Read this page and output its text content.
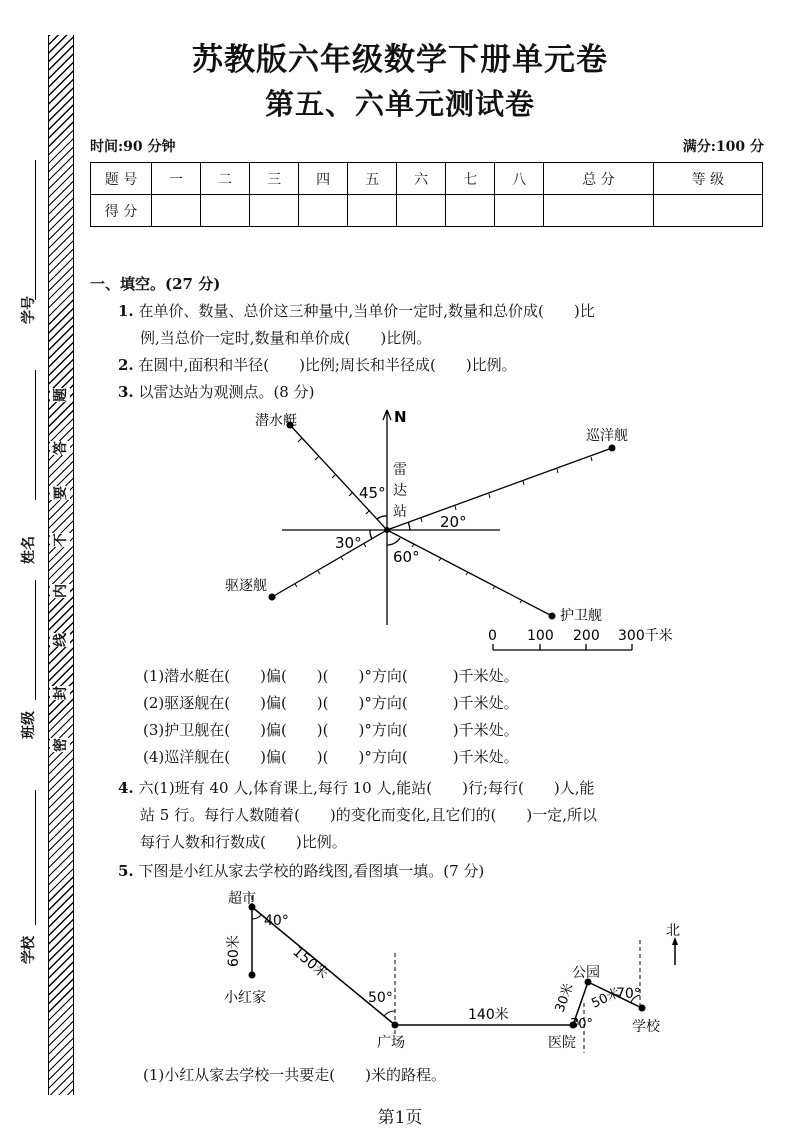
学号
姓名
班级
学校
题
答
要
不
内
线
封
密
苏教版六年级数学下册单元卷
第五、六单元测试卷
时间:90 分钟	满分:100 分
题 号	一	二	三	四	五	六	七	八	总 分	等 级
得 分										
一、填空。(27 分)
1. 在单价、数量、总价这三种量中,当单价一定时,数量和总价成(　　)比
例,当总价一定时,数量和单价成(　　)比例。
2. 在圆中,面积和半径(　　)比例;周长和半径成(　　)比例。
3. 以雷达站为观测点。(8 分)
N
雷
达
站
潜水艇
巡洋舰
驱逐舰
护卫舰
45°
20°
30°
60°
0 100 200 300千米
(1)潜水艇在(　　)偏(　　)(　　)°方向(　　　)千米处。
(2)驱逐舰在(　　)偏(　　)(　　)°方向(　　　)千米处。
(3)护卫舰在(　　)偏(　　)(　　)°方向(　　　)千米处。
(4)巡洋舰在(　　)偏(　　)(　　)°方向(　　　)千米处。
4. 六(1)班有 40 人,体育课上,每行 10 人,能站(　　)行;每行(　　)人,能
站 5 行。每行人数随着(　　)的变化而变化,且它们的(　　)一定,所以
每行人数和行数成(　　)比例。
5. 下图是小红从家去学校的路线图,看图填一填。(7 分)
超市
小红家
广场	医院
公园
学校
北
60米	150米
140米
30米 50米
40°
50°
30°
70°
(1)小红从家去学校一共要走(　　)米的路程。
第1页
